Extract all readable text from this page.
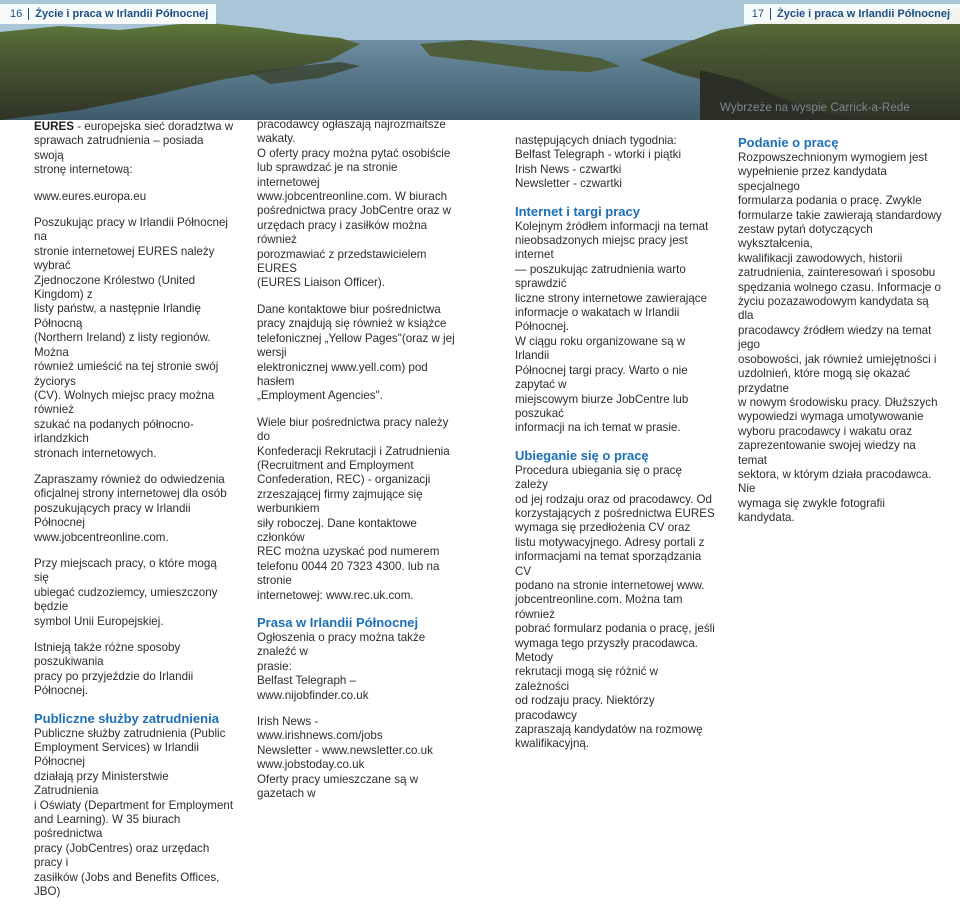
16 Życie i praca w Irlandii Północnej	17 Życie i praca w Irlandii Północnej
Wybrzeże na wyspie Carrick-a-Rede

EURES - europejska sieć doradztwa w
sprawach zatrudnienia – posiada swoją
stronę internetową:

www.eures.europa.eu

Poszukując pracy w Irlandii Północnej na
stronie internetowej EURES należy wybrać
Zjednoczone Królestwo (United Kingdom) z
listy państw, a następnie Irlandię Północną
(Northern Ireland) z listy regionów. Można
również umieścić na tej stronie swój życiorys
(CV). Wolnych miejsc pracy można również
szukać na podanych północno-irlandzkich
stronach internetowych.

Zapraszamy również do odwiedzenia
oficjalnej strony internetowej dla osób
poszukujących pracy w Irlandii Północnej
www.jobcentreonline.com.

Przy miejscach pracy, o które mogą się
ubiegać cudzoziemcy, umieszczony będzie
symbol Unii Europejskiej.

Istnieją także różne sposoby poszukiwania
pracy po przyjeździe do Irlandii Północnej.

Publiczne służby zatrudnienia

Publiczne służby zatrudnienia (Public
Employment Services) w Irlandii Północnej
działają przy Ministerstwie Zatrudnienia
i Oświaty (Department for Employment
and Learning). W 35 biurach pośrednictwa
pracy (JobCentres) oraz urzędach pracy i
zasiłków (Jobs and Benefits Offices, JBO)

pracodawcy ogłaszają najrozmaitsze wakaty.
O oferty pracy można pytać osobiście
lub sprawdzać je na stronie internetowej
www.jobcentreonline.com. W biurach
pośrednictwa pracy JobCentre oraz w
urzędach pracy i zasiłków można również
porozmawiać z przedstawicielem EURES
(EURES Liaison Officer).

Dane kontaktowe biur pośrednictwa
pracy znajdują się również w książce
telefonicznej „Yellow Pages"(oraz w jej wersji
elektronicznej www.yell.com) pod hasłem
„Employment Agencies".

Wiele biur pośrednictwa pracy należy do
Konfederacji Rekrutacji i Zatrudnienia
(Recruitment and Employment
Confederation, REC) - organizacji
zrzeszającej firmy zajmujące się werbunkiem
siły roboczej. Dane kontaktowe członków
REC można uzyskać pod numerem
telefonu 0044 20 7323 4300. lub na stronie
internetowej: www.rec.uk.com.

Prasa w Irlandii Północnej

Ogłoszenia o pracy można także znaleźć w
prasie:
Belfast Telegraph –
www.nijobfinder.co.uk

Irish News -
www.irishnews.com/jobs
Newsletter - www.newsletter.co.uk
www.jobstoday.co.uk
Oferty pracy umieszczane są w gazetach w

następujących dniach tygodnia:
Belfast Telegraph - wtorki i piątki
Irish News - czwartki
Newsletter - czwartki

Internet i targi pracy

Kolejnym źródłem informacji na temat
nieobsadzonych miejsc pracy jest internet
— poszukując zatrudnienia warto sprawdzić
liczne strony internetowe zawierające
informacje o wakatach w Irlandii Północnej.
W ciągu roku organizowane są w Irlandii
Północnej targi pracy. Warto o nie zapytać w
miejscowym biurze JobCentre lub poszukać
informacji na ich temat w prasie.

Ubieganie się o pracę

Procedura ubiegania się o pracę zależy
od jej rodzaju oraz od pracodawcy. Od
korzystających z pośrednictwa EURES
wymaga się przedłożenia CV oraz
listu motywacyjnego. Adresy portali z
informacjami na temat sporządzania CV
podano na stronie internetowej www.
jobcentreonline.com. Można tam również
pobrać formularz podania o pracę, jeśli
wymaga tego przyszły pracodawca. Metody
rekrutacji mogą się różnić w zależności
od rodzaju pracy. Niektórzy pracodawcy
zapraszają kandydatów na rozmowę
kwalifikacyjną.

Podanie o pracę

Rozpowszechnionym wymogiem jest
wypełnienie przez kandydata specjalnego
formularza podania o pracę. Zwykle
formularze takie zawierają standardowy
zestaw pytań dotyczących wykształcenia,
kwalifikacji zawodowych, historii
zatrudnienia, zainteresowań i sposobu
spędzania wolnego czasu. Informacje o
życiu pozazawodowym kandydata są dla
pracodawcy źródłem wiedzy na temat jego
osobowości, jak również umiejętności i
uzdolnień, które mogą się okazać przydatne
w nowym środowisku pracy. Dłuższych
wypowiedzi wymaga umotywowanie
wyboru pracodawcy i wakatu oraz
zaprezentowanie swojej wiedzy na temat
sektora, w którym działa pracodawca. Nie
wymaga się zwykle fotografii kandydata.
